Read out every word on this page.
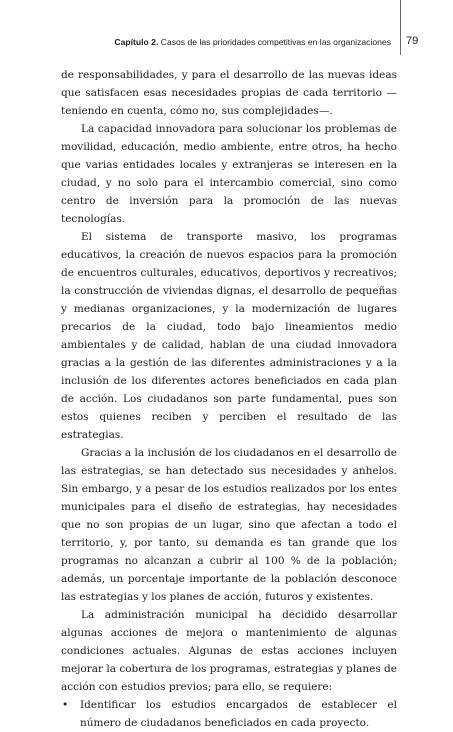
Capítulo 2. Casos de las prioridades competitivas en las organizaciones 79

de responsabilidades, y para el desarrollo de las nuevas ideas que satisfacen esas necesidades propias de cada territorio —teniendo en cuenta, cómo no, sus complejidades—.

La capacidad innovadora para solucionar los problemas de movilidad, educación, medio ambiente, entre otros, ha hecho que varias entidades locales y extranjeras se interesen en la ciudad, y no solo para el intercambio comercial, sino como centro de inversión para la promoción de las nuevas tecnologías.

El sistema de transporte masivo, los programas educativos, la creación de nuevos espacios para la promoción de encuentros culturales, educativos, deportivos y recreativos; la construcción de viviendas dignas, el desarrollo de pequeñas y medianas organizaciones, y la modernización de lugares precarios de la ciudad, todo bajo lineamientos medio ambientales y de calidad, hablan de una ciudad innovadora gracias a la gestión de las diferentes administraciones y a la inclusión de los diferentes actores beneficiados en cada plan de acción. Los ciudadanos son parte fundamental, pues son estos quienes reciben y perciben el resultado de las estrategias.

Gracias a la inclusión de los ciudadanos en el desarrollo de las estrategias, se han detectado sus necesidades y anhelos. Sin embargo, y a pesar de los estudios realizados por los entes municipales para el diseño de estrategias, hay necesidades que no son propias de un lugar, sino que afectan a todo el territorio, y, por tanto, su demanda es tan grande que los programas no alcanzan a cubrir al 100 % de la población; además, un porcentaje importante de la población desconoce las estrategias y los planes de acción, futuros y existentes.

La administración municipal ha decidido desarrollar algunas acciones de mejora o mantenimiento de algunas condiciones actuales. Algunas de estas acciones incluyen mejorar la cobertura de los programas, estrategias y planes de acción con estudios previos; para ello, se requiere:

• Identificar los estudios encargados de establecer el número de ciudadanos beneficiados en cada proyecto.
